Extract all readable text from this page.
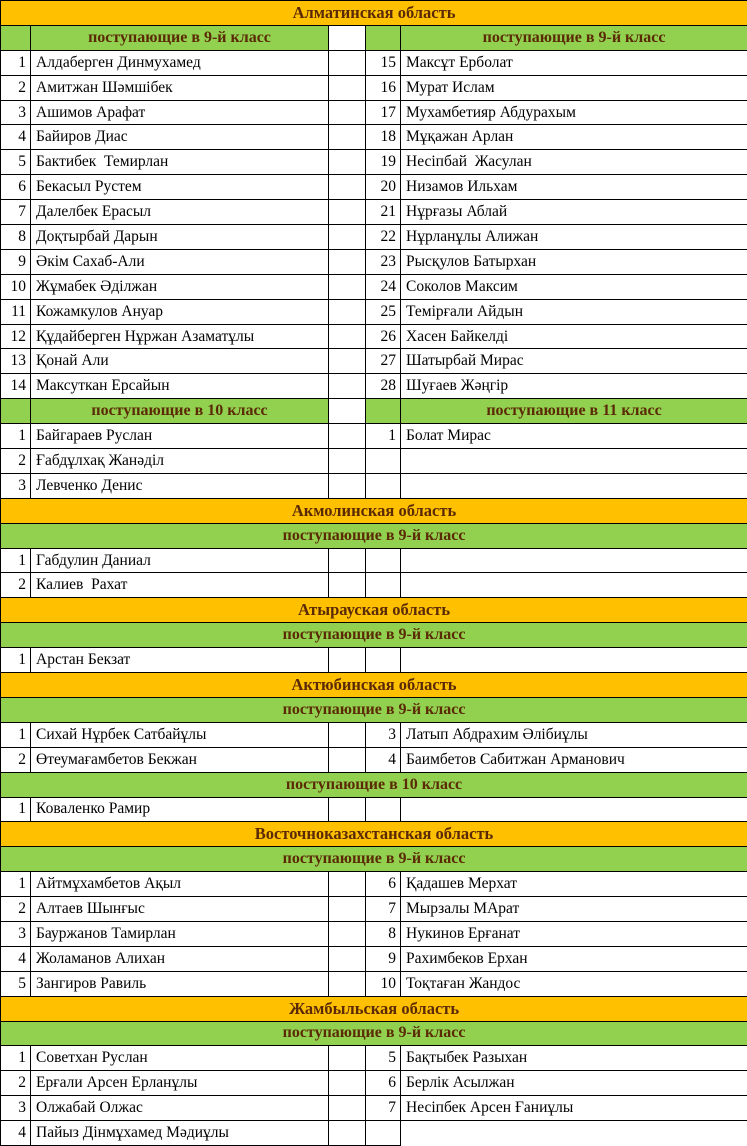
Алматинская область				
	поступающие в 9-й класс			поступающие в 9-й класс
1	Алдаберген Динмухамед		15	Максұт Ерболат
2	Амитжан Шәмшібек		16	Мурат Ислам
3	Ашимов Арафат		17	Мухамбетияр Абдурахым
4	Байиров Диас		18	Мұқажан Арлан
5	Бактибек  Темирлан		19	Несіпбай  Жасулан
6	Бекасыл Рустем		20	Низамов Ильхам
7	Далелбек Ерасыл		21	Нұрғазы Аблай
8	Доқтырбай Дарын		22	Нұрланұлы Алижан
9	Әкім Сахаб-Али		23	Рысқулов Батырхан
10	Жұмабек Әділжан		24	Соколов Максим
11	Кожамкулов Ануар		25	Темірғали Айдын
12	Құдайберген Нұржан Азаматұлы		26	Хасен Байкелді
13	Қонай Али		27	Шатырбай Мирас
14	Максуткан Ерсайын		28	Шуғаев Жәңгір
	поступающие в 10 класс			поступающие в 11 класс
1	Байгараев Руслан		1	Болат Мирас
2	Ғабдұлхақ Жанәділ			
3	Левченко Денис			
Акмолинская область				
поступающие в 9-й класс				
1	Габдулин Даниал			
2	Калиев  Рахат			
Атырауская область				
поступающие в 9-й класс				
1	Арстан Бекзат			
Актюбинская область				
поступающие в 9-й класс				
1	Сихай Нұрбек Сатбайұлы		3	Латып Абдрахим Әлібиұлы
2	Өтеумағамбетов Бекжан		4	Баимбетов Сабитжан Арманович
поступающие в 10 класс				
1	Коваленко Рамир			
Восточноказахстанская область				
поступающие в 9-й класс				
1	Айтмұхамбетов Ақыл		6	Қадашев Мерхат
2	Алтаев Шынғыс		7	Мырзалы МАрат
3	Бауржанов Тамирлан		8	Нукинов Ерғанат
4	Жоламанов Алихан		9	Рахимбеков Ерхан
5	Зангиров Равиль		10	Тоқтаған Жандос
Жамбыльская область				
поступающие в 9-й класс				
1	Советхан Руслан		5	Бақтыбек Разыхан
2	Ерғали Арсен Ерланұлы		6	Берлік Асылжан
3	Олжабай Олжас		7	Несіпбек Арсен Ғаниұлы
4	Пайыз Дінмұхамед Мәдиұлы			
